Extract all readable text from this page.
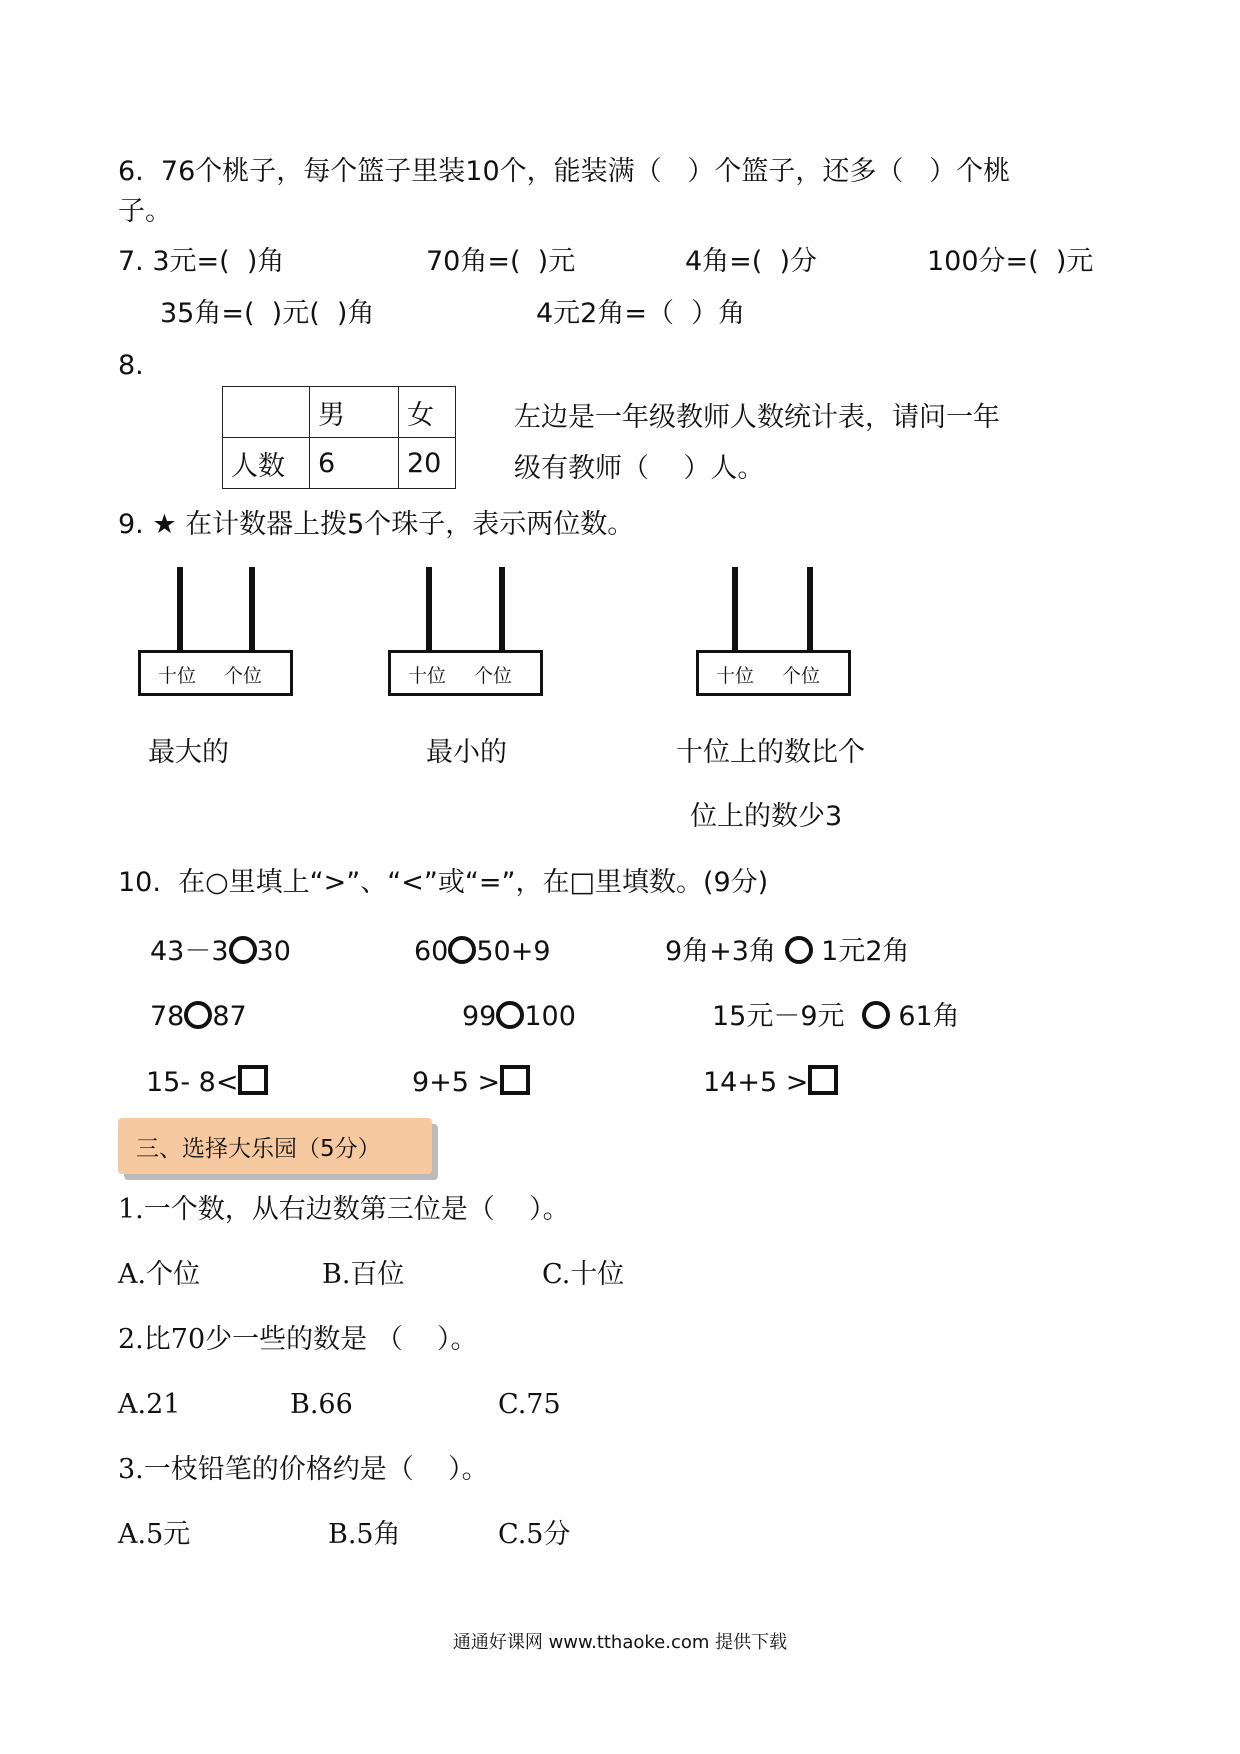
6.  76个桃子，每个篮子里装10个，能装满（   ）个篮子，还多（   ）个桃
子。
7. 3元=(  )角	70角=(  )元	4角=(  )分	100分=(  )元
35角=(  )元(  )角	4元2角=（  ）角
8.
	男	女
人数	6	20
左边是一年级教师人数统计表，请问一年
级有教师（    ）人。
9. ★ 在计数器上拨5个珠子，表示两位数。
十位 个位	十位 个位	十位 个位
最大的	最小的	十位上的数比个
位上的数少3
10.  在○里填上“>”、“<”或“=”，在□里填数。(9分)
43－3 30	60 50+9	9角+3角 1元2角
78 87	99 100	15元－9元 61角
15- 8<	9+5 >	14+5 >
三、选择大乐园（5分）
1.一个数，从右边数第三位是（    ）。
A.个位	B.百位	C.十位
2.比70少一些的数是 （    ）。
A.21	B.66	C.75
3.一枝铅笔的价格约是（    ）。
A.5元	B.5角	C.5分
通通好课网 www.tthaoke.com 提供下载
